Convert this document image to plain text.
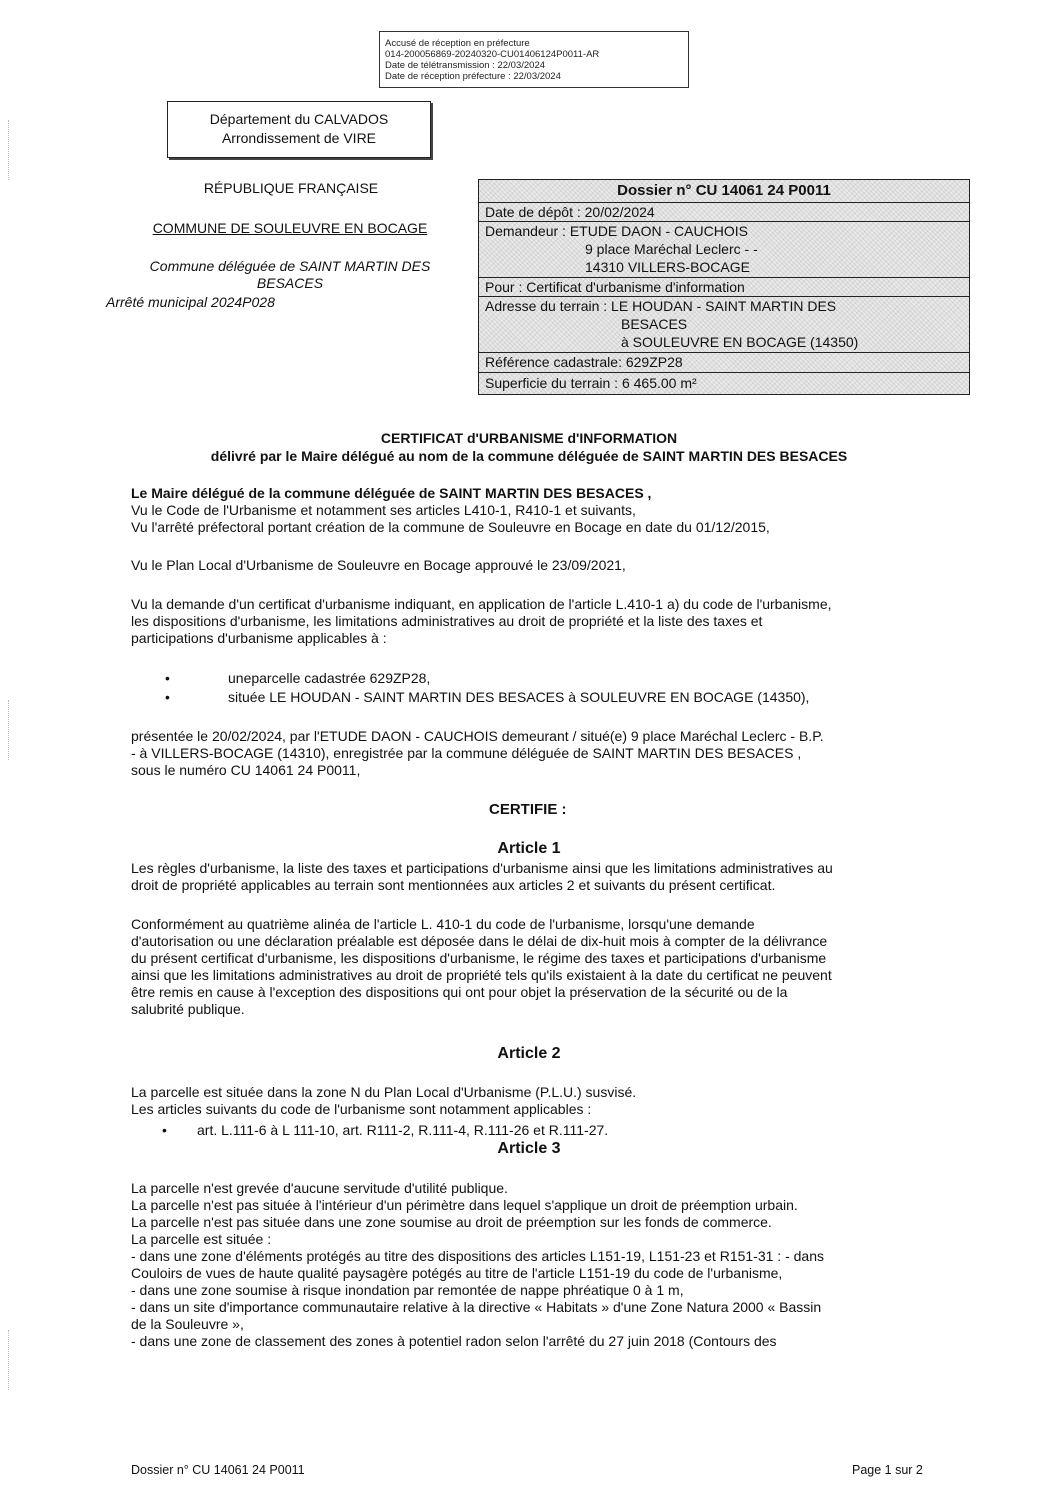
Accusé de réception en préfecture
014-200056869-20240320-CU01406124P0011-AR
Date de télétransmission : 22/03/2024
Date de réception préfecture : 22/03/2024
Département du CALVADOS
Arrondissement de VIRE
RÉPUBLIQUE FRANÇAISE
COMMUNE DE SOULEUVRE EN BOCAGE
Commune déléguée de SAINT MARTIN DES
BESACES
Arrêté municipal 2024P028
Dossier n° CU 14061 24 P0011
Date de dépôt : 20/02/2024
Demandeur : ETUDE DAON - CAUCHOIS
9 place Maréchal Leclerc - -
14310 VILLERS-BOCAGE
Pour : Certificat d'urbanisme d'information
Adresse du terrain : LE HOUDAN - SAINT MARTIN DES
BESACES
à SOULEUVRE EN BOCAGE (14350)
Référence cadastrale: 629ZP28
Superficie du terrain : 6 465.00 m²
CERTIFICAT d'URBANISME d'INFORMATION
délivré par le Maire délégué au nom de la commune déléguée de SAINT MARTIN DES BESACES
Le Maire délégué de la commune déléguée de SAINT MARTIN DES BESACES ,
Vu le Code de l'Urbanisme et notamment ses articles L410-1, R410-1 et suivants,
Vu l'arrêté préfectoral portant création de la commune de Souleuvre en Bocage en date du 01/12/2015,
Vu le Plan Local d'Urbanisme de Souleuvre en Bocage approuvé le 23/09/2021,
Vu la demande d'un certificat d'urbanisme indiquant, en application de l'article L.410-1 a) du code de l'urbanisme,
les dispositions d'urbanisme, les limitations administratives au droit de propriété et la liste des taxes et
participations d'urbanisme applicables à :
•	uneparcelle cadastrée 629ZP28,
•	située LE HOUDAN - SAINT MARTIN DES BESACES à SOULEUVRE EN BOCAGE (14350),
présentée le 20/02/2024, par l'ETUDE DAON - CAUCHOIS demeurant / situé(e) 9 place Maréchal Leclerc - B.P.
- à VILLERS-BOCAGE (14310), enregistrée par la commune déléguée de SAINT MARTIN DES BESACES ,
sous le numéro CU 14061 24 P0011,
CERTIFIE :
Article 1
Les règles d'urbanisme, la liste des taxes et participations d'urbanisme ainsi que les limitations administratives au
droit de propriété applicables au terrain sont mentionnées aux articles 2 et suivants du présent certificat.
Conformément au quatrième alinéa de l'article L. 410-1 du code de l'urbanisme, lorsqu'une demande
d'autorisation ou une déclaration préalable est déposée dans le délai de dix-huit mois à compter de la délivrance
du présent certificat d'urbanisme, les dispositions d'urbanisme, le régime des taxes et participations d'urbanisme
ainsi que les limitations administratives au droit de propriété tels qu'ils existaient à la date du certificat ne peuvent
être remis en cause à l'exception des dispositions qui ont pour objet la préservation de la sécurité ou de la
salubrité publique.
Article 2
La parcelle est située dans la zone N du Plan Local d'Urbanisme (P.L.U.) susvisé.
Les articles suivants du code de l'urbanisme sont notamment applicables :
• art. L.111-6 à L 111-10, art. R111-2, R.111-4, R.111-26 et R.111-27.
Article 3
La parcelle n'est grevée d'aucune servitude d'utilité publique.
La parcelle n'est pas située à l'intérieur d'un périmètre dans lequel s'applique un droit de préemption urbain.
La parcelle n'est pas située dans une zone soumise au droit de préemption sur les fonds de commerce.
La parcelle est située :
- dans une zone d'éléments protégés au titre des dispositions des articles L151-19, L151-23 et R151-31 : - dans
Couloirs de vues de haute qualité paysagère potégés au titre de l'article L151-19 du code de l'urbanisme,
- dans une zone soumise à risque inondation par remontée de nappe phréatique 0 à 1 m,
- dans un site d'importance communautaire relative à la directive « Habitats » d'une Zone Natura 2000 « Bassin
de la Souleuvre »,
- dans une zone de classement des zones à potentiel radon selon l'arrêté du 27 juin 2018 (Contours des
Dossier n° CU 14061 24 P0011	Page 1 sur 2
